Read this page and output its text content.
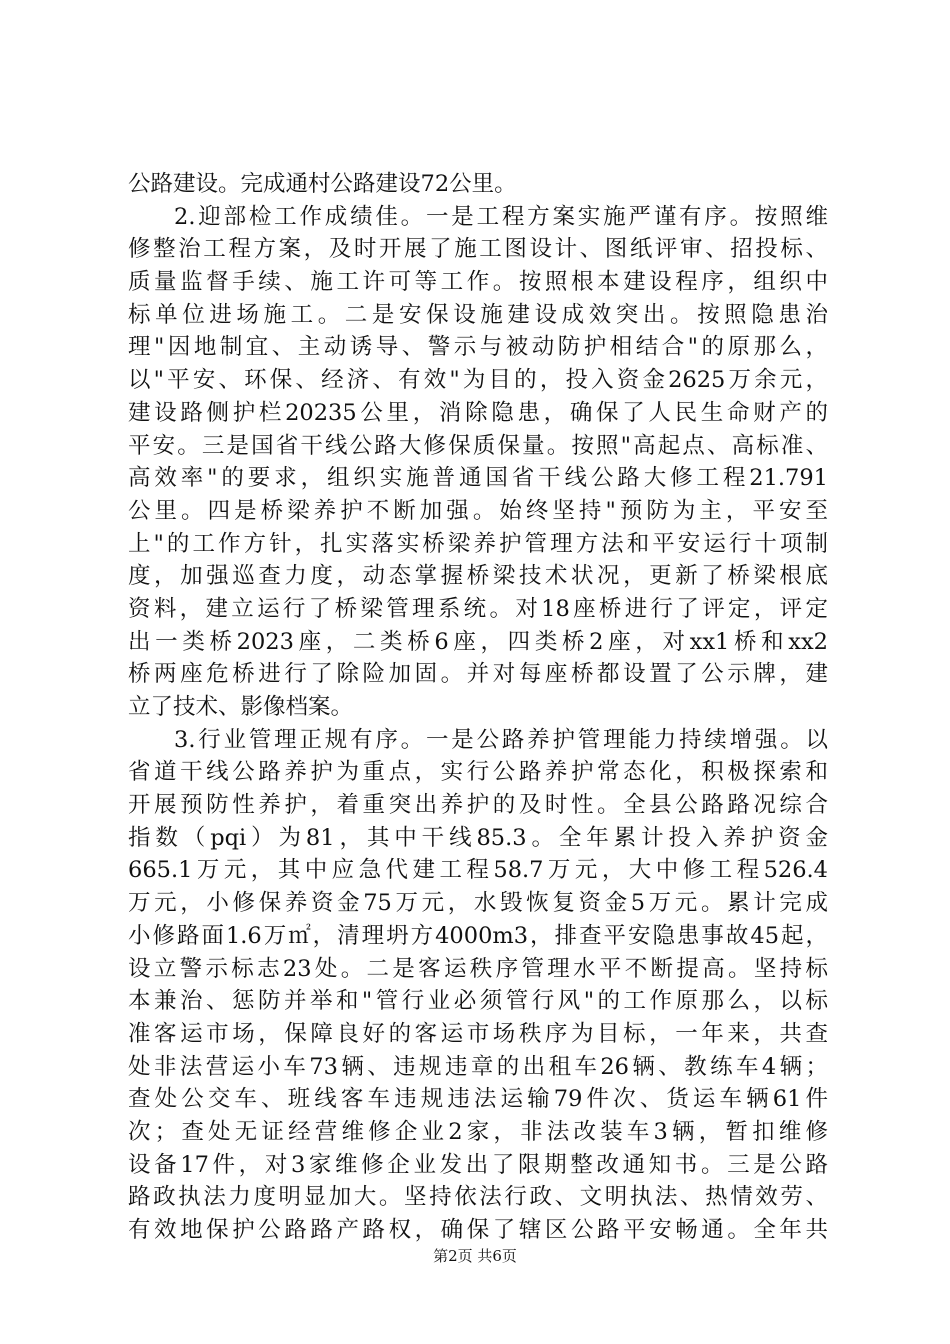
公路建设。完成通村公路建设72公里。
2.迎部检工作成绩佳。一是工程方案实施严谨有序。按照维
修整治工程方案，及时开展了施工图设计、图纸评审、招投标、
质量监督手续、施工许可等工作。按照根本建设程序，组织中
标单位进场施工。二是安保设施建设成效突出。按照隐患治
理"因地制宜、主动诱导、警示与被动防护相结合"的原那么，
以"平安、环保、经济、有效"为目的，投入资金2625万余元，
建设路侧护栏20235公里，消除隐患，确保了人民生命财产的
平安。三是国省干线公路大修保质保量。按照"高起点、高标准、
高效率"的要求，组织实施普通国省干线公路大修工程21.791
公里。四是桥梁养护不断加强。始终坚持"预防为主，平安至
上"的工作方针，扎实落实桥梁养护管理方法和平安运行十项制
度，加强巡查力度，动态掌握桥梁技术状况，更新了桥梁根底
资料，建立运行了桥梁管理系统。对18座桥进行了评定，评定
出一类桥2023座，二类桥6座，四类桥2座，对xx1桥和xx2
桥两座危桥进行了除险加固。并对每座桥都设置了公示牌，建
立了技术、影像档案。
3.行业管理正规有序。一是公路养护管理能力持续增强。以
省道干线公路养护为重点，实行公路养护常态化，积极探索和
开展预防性养护，着重突出养护的及时性。全县公路路况综合
指数（pqi）为81，其中干线85.3。全年累计投入养护资金
665.1万元，其中应急代建工程58.7万元，大中修工程526.4
万元，小修保养资金75万元，水毁恢复资金5万元。累计完成
小修路面1.6万㎡，清理坍方4000m3，排查平安隐患事故45起，
设立警示标志23处。二是客运秩序管理水平不断提高。坚持标
本兼治、惩防并举和"管行业必须管行风"的工作原那么，以标
准客运市场，保障良好的客运市场秩序为目标，一年来，共查
处非法营运小车73辆、违规违章的出租车26辆、教练车4辆；
查处公交车、班线客车违规违法运输79件次、货运车辆61件
次；查处无证经营维修企业2家，非法改装车3辆，暂扣维修
设备17件，对3家维修企业发出了限期整改通知书。三是公路
路政执法力度明显加大。坚持依法行政、文明执法、热情效劳、
有效地保护公路路产路权，确保了辖区公路平安畅通。全年共
第2页 共6页
